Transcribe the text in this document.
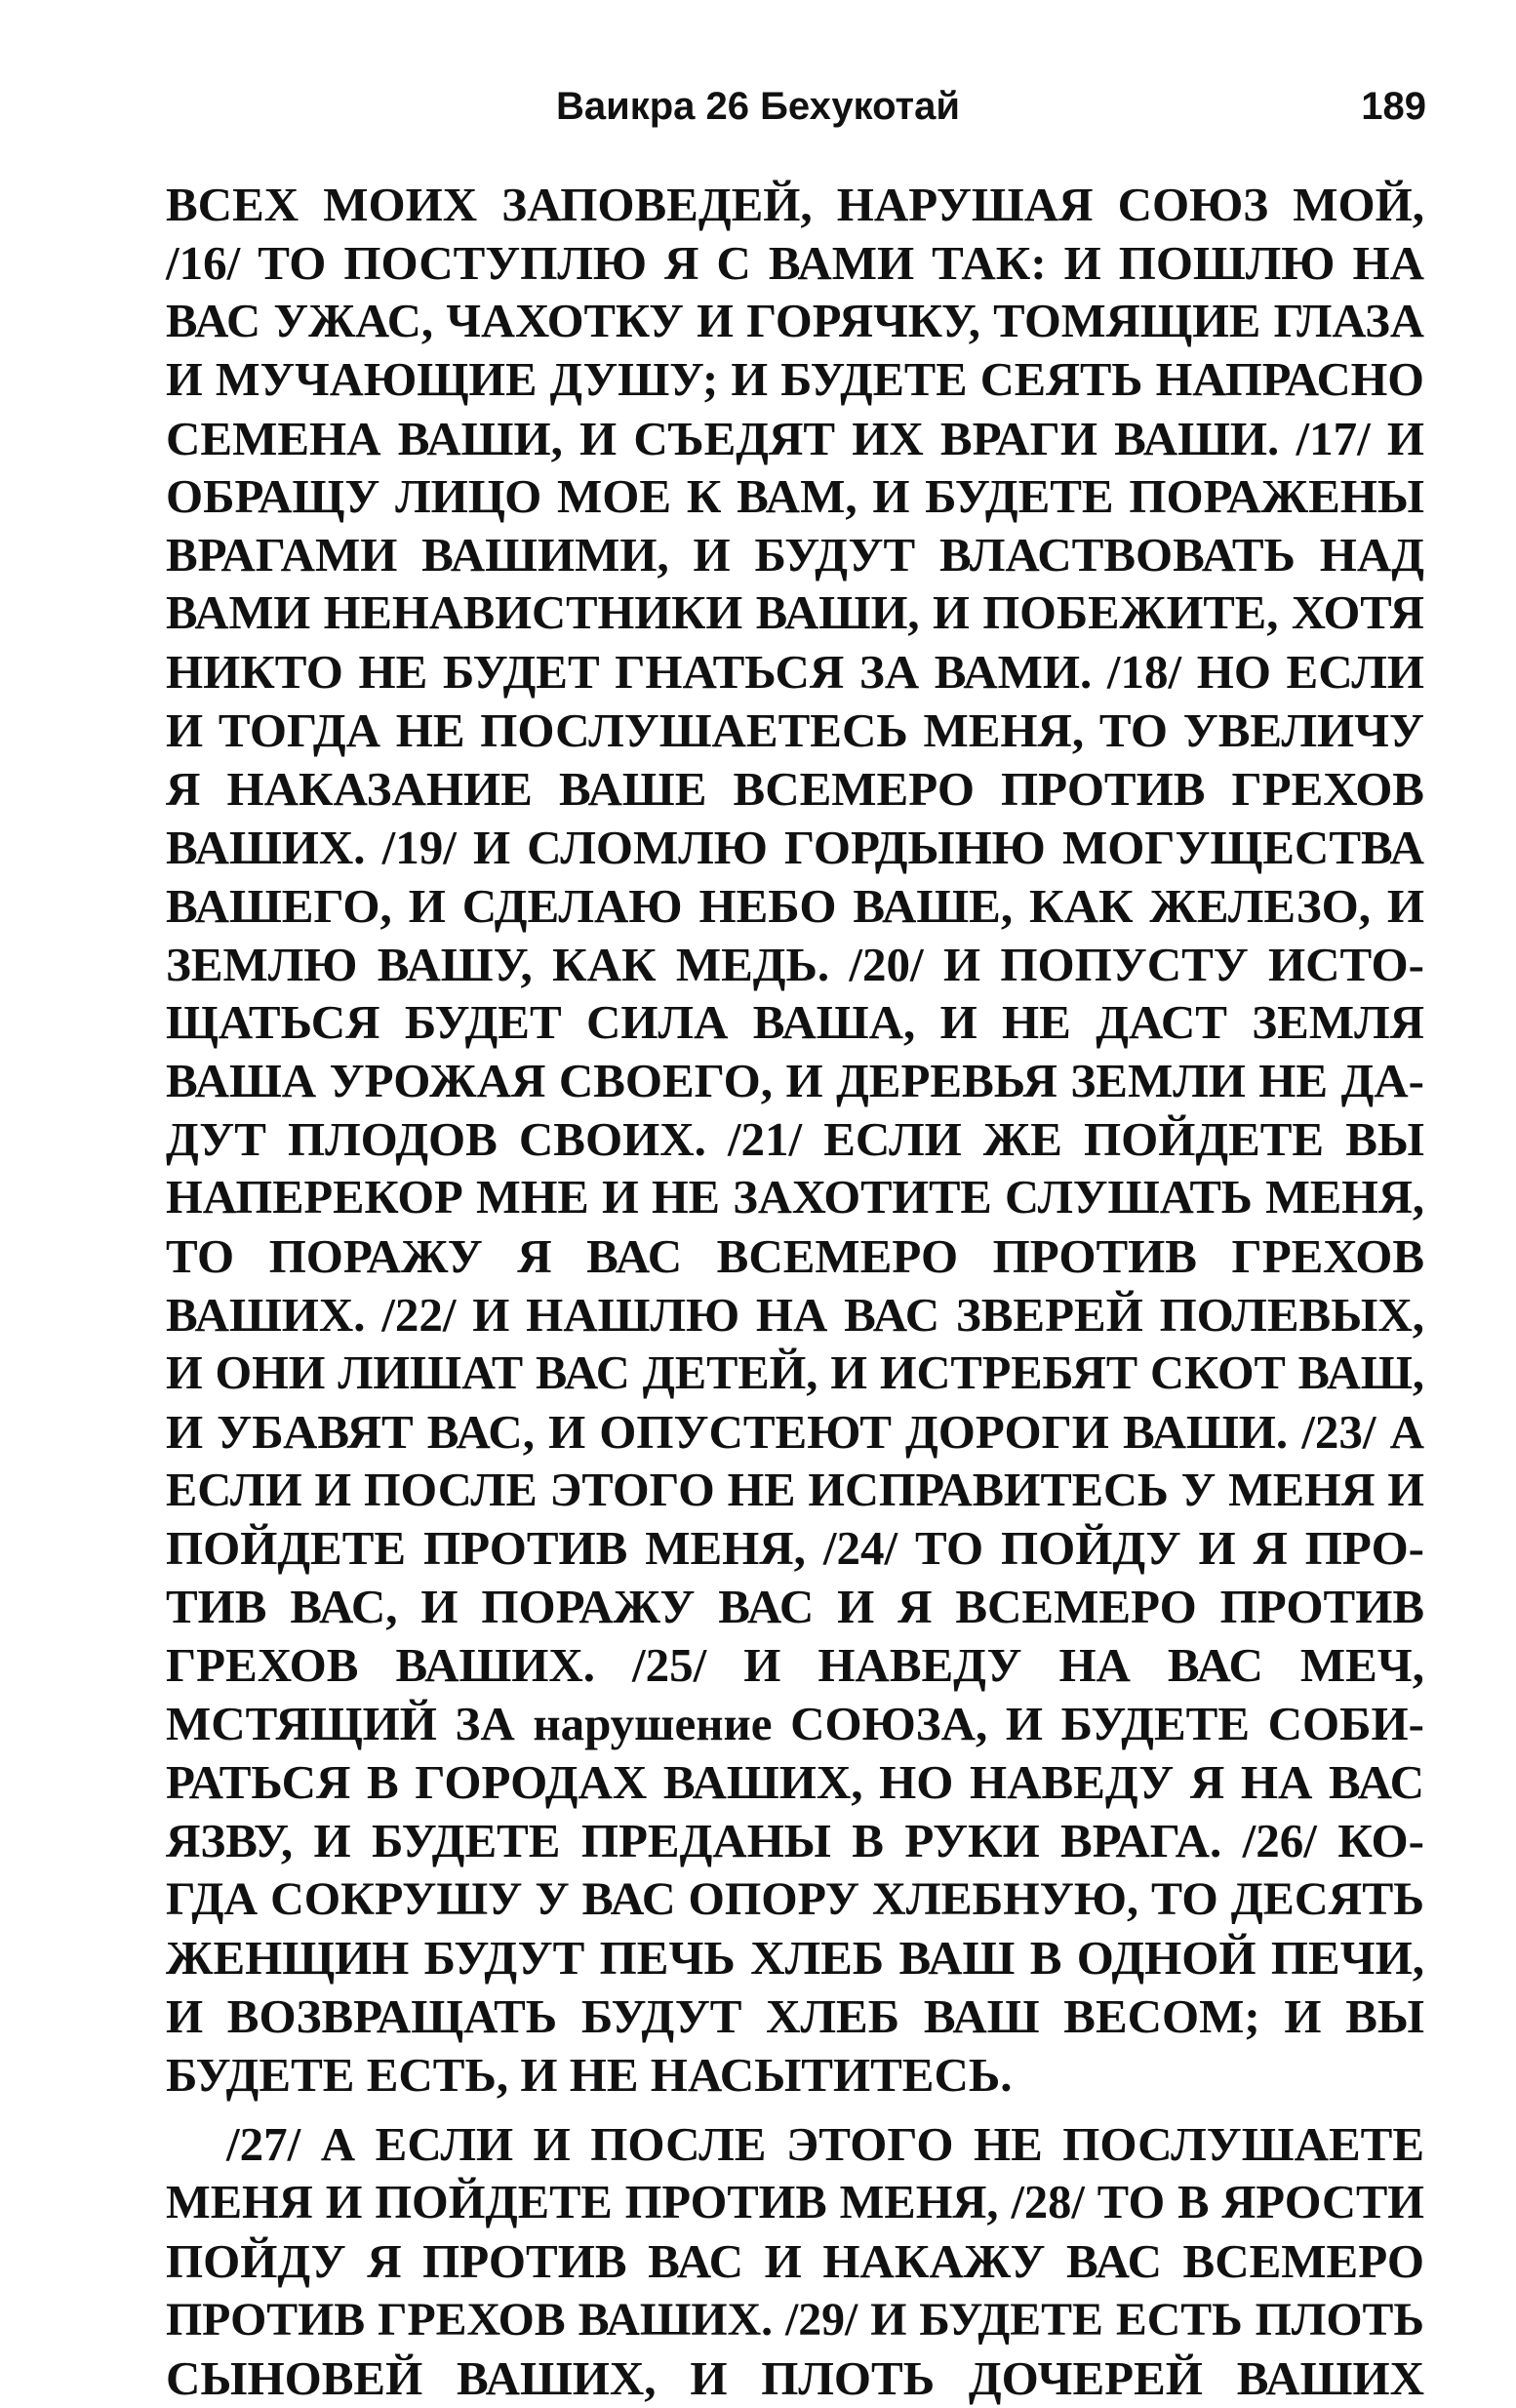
Ваикра 26 Бехукотай	189
ВСЕХ МОИХ ЗАПОВЕДЕЙ, НАРУШАЯ СОЮЗ МОЙ,
/16/ ТО ПОСТУПЛЮ Я С ВАМИ ТАК: И ПОШЛЮ НА
ВАС УЖАС, ЧАХОТКУ И ГОРЯЧКУ, ТОМЯЩИЕ ГЛАЗА
И МУЧАЮЩИЕ ДУШУ; И БУДЕТЕ СЕЯТЬ НАПРАСНО
СЕМЕНА ВАШИ, И СЪЕДЯТ ИХ ВРАГИ ВАШИ. /17/ И
ОБРАЩУ ЛИЦО МОЕ К ВАМ, И БУДЕТЕ ПОРАЖЕНЫ
ВРАГАМИ ВАШИМИ, И БУДУТ ВЛАСТВОВАТЬ НАД
ВАМИ НЕНАВИСТНИКИ ВАШИ, И ПОБЕЖИТЕ, ХОТЯ
НИКТО НЕ БУДЕТ ГНАТЬСЯ ЗА ВАМИ. /18/ НО ЕСЛИ
И ТОГДА НЕ ПОСЛУШАЕТЕСЬ МЕНЯ, ТО УВЕЛИЧУ
Я НАКАЗАНИЕ ВАШЕ ВСЕМЕРО ПРОТИВ ГРЕХОВ
ВАШИХ. /19/ И СЛОМЛЮ ГОРДЫНЮ МОГУЩЕСТВА
ВАШЕГО, И СДЕЛАЮ НЕБО ВАШЕ, КАК ЖЕЛЕЗО, И
ЗЕМЛЮ ВАШУ, КАК МЕДЬ. /20/ И ПОПУСТУ ИСТО-
ЩАТЬСЯ БУДЕТ СИЛА ВАША, И НЕ ДАСТ ЗЕМЛЯ
ВАША УРОЖАЯ СВОЕГО, И ДЕРЕВЬЯ ЗЕМЛИ НЕ ДА-
ДУТ ПЛОДОВ СВОИХ. /21/ ЕСЛИ ЖЕ ПОЙДЕТЕ ВЫ
НАПЕРЕКОР МНЕ И НЕ ЗАХОТИТЕ СЛУШАТЬ МЕНЯ,
ТО ПОРАЖУ Я ВАС ВСЕМЕРО ПРОТИВ ГРЕХОВ
ВАШИХ. /22/ И НАШЛЮ НА ВАС ЗВЕРЕЙ ПОЛЕВЫХ,
И ОНИ ЛИШАТ ВАС ДЕТЕЙ, И ИСТРЕБЯТ СКОТ ВАШ,
И УБАВЯТ ВАС, И ОПУСТЕЮТ ДОРОГИ ВАШИ. /23/ А
ЕСЛИ И ПОСЛЕ ЭТОГО НЕ ИСПРАВИТЕСЬ У МЕНЯ И
ПОЙДЕТЕ ПРОТИВ МЕНЯ, /24/ ТО ПОЙДУ И Я ПРО-
ТИВ ВАС, И ПОРАЖУ ВАС И Я ВСЕМЕРО ПРОТИВ
ГРЕХОВ ВАШИХ. /25/ И НАВЕДУ НА ВАС МЕЧ,
МСТЯЩИЙ ЗА нарушение СОЮЗА, И БУДЕТЕ СОБИ-
РАТЬСЯ В ГОРОДАХ ВАШИХ, НО НАВЕДУ Я НА ВАС
ЯЗВУ, И БУДЕТЕ ПРЕДАНЫ В РУКИ ВРАГА. /26/ КО-
ГДА СОКРУШУ У ВАС ОПОРУ ХЛЕБНУЮ, ТО ДЕСЯТЬ
ЖЕНЩИН БУДУТ ПЕЧЬ ХЛЕБ ВАШ В ОДНОЙ ПЕЧИ,
И ВОЗВРАЩАТЬ БУДУТ ХЛЕБ ВАШ ВЕСОМ; И ВЫ
БУДЕТЕ ЕСТЬ, И НЕ НАСЫТИТЕСЬ.
/27/ А ЕСЛИ И ПОСЛЕ ЭТОГО НЕ ПОСЛУШАЕТЕ
МЕНЯ И ПОЙДЕТЕ ПРОТИВ МЕНЯ, /28/ ТО В ЯРОСТИ
ПОЙДУ Я ПРОТИВ ВАС И НАКАЖУ ВАС ВСЕМЕРО
ПРОТИВ ГРЕХОВ ВАШИХ. /29/ И БУДЕТЕ ЕСТЬ ПЛОТЬ
СЫНОВЕЙ ВАШИХ, И ПЛОТЬ ДОЧЕРЕЙ ВАШИХ
